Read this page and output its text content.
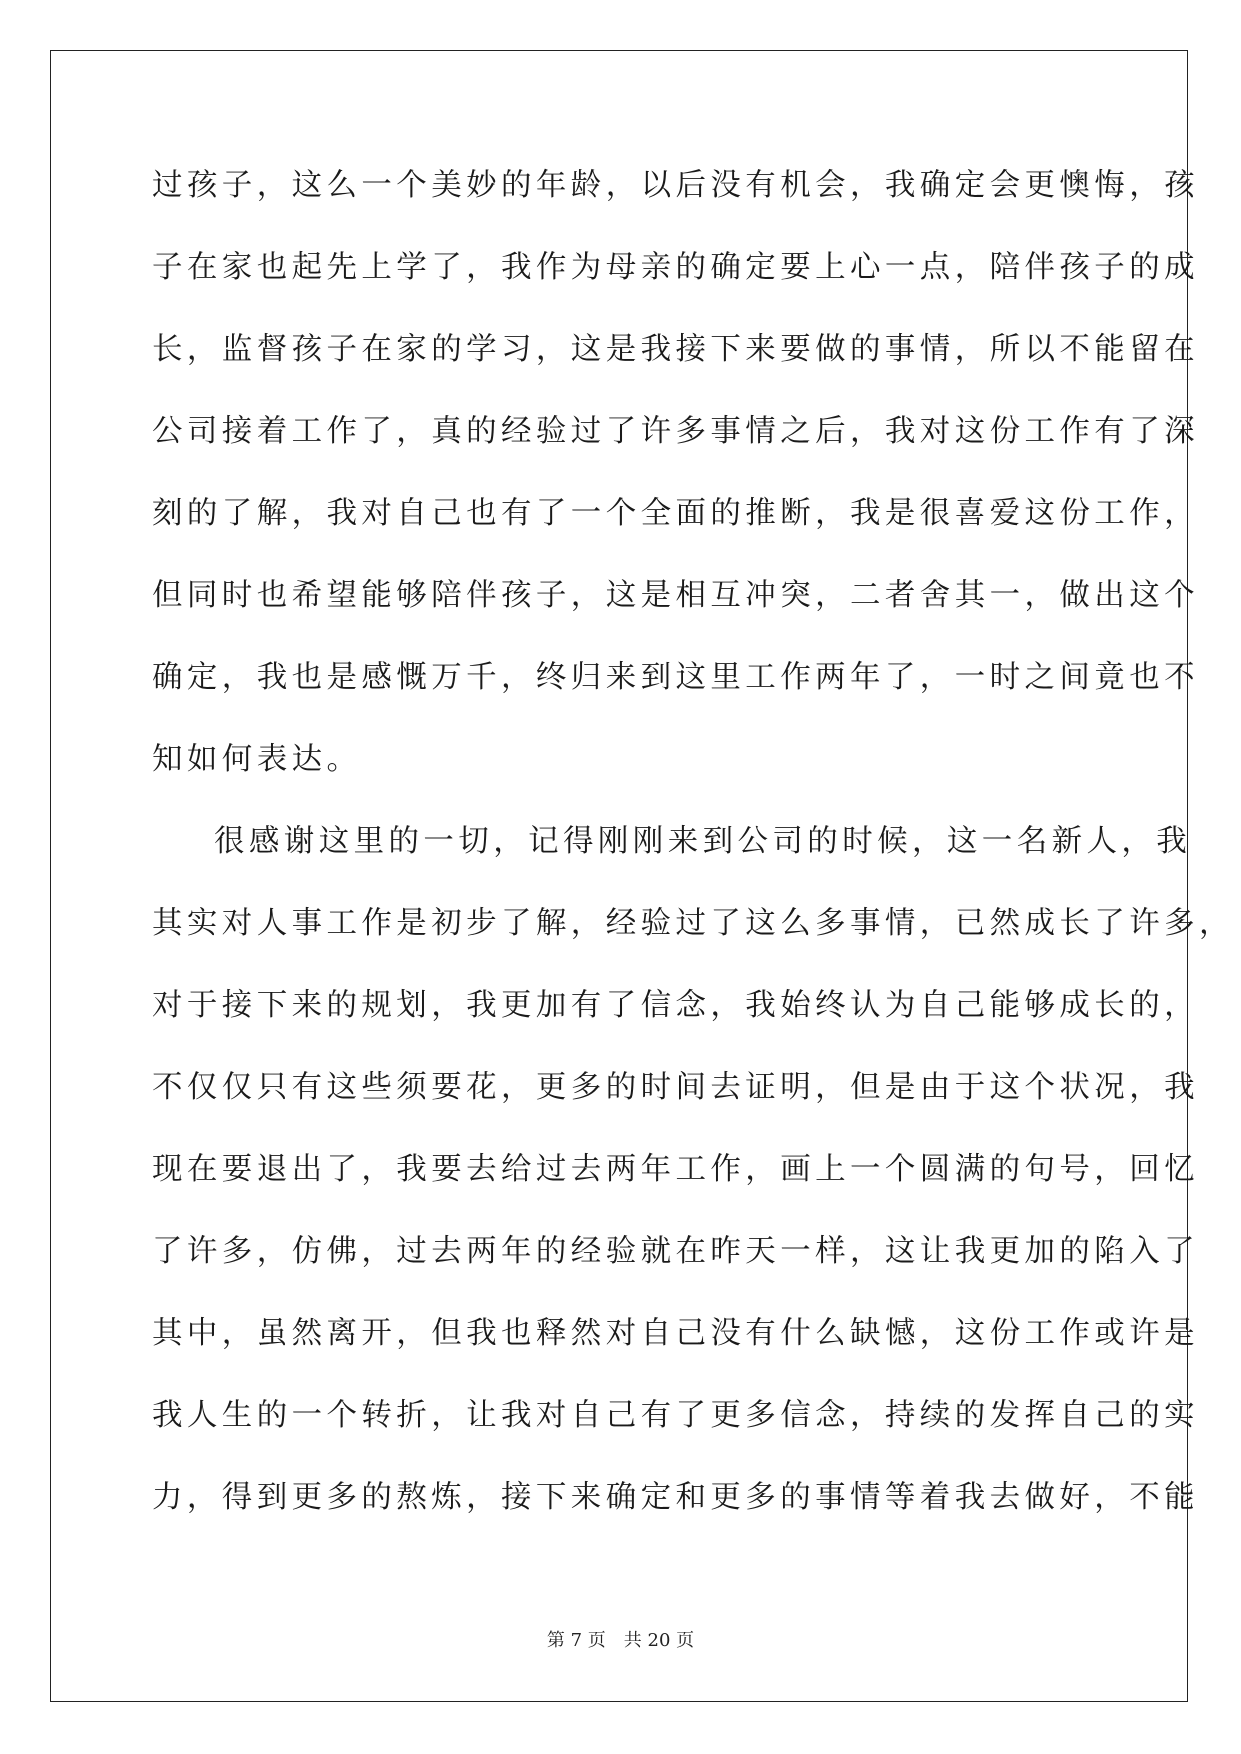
过孩子，这么一个美妙的年龄，以后没有机会，我确定会更懊悔，孩
子在家也起先上学了，我作为母亲的确定要上心一点，陪伴孩子的成
长，监督孩子在家的学习，这是我接下来要做的事情，所以不能留在
公司接着工作了，真的经验过了许多事情之后，我对这份工作有了深
刻的了解，我对自己也有了一个全面的推断，我是很喜爱这份工作，
但同时也希望能够陪伴孩子，这是相互冲突，二者舍其一，做出这个
确定，我也是感慨万千，终归来到这里工作两年了，一时之间竟也不
知如何表达。
很感谢这里的一切，记得刚刚来到公司的时候，这一名新人，我
其实对人事工作是初步了解，经验过了这么多事情，已然成长了许多，
对于接下来的规划，我更加有了信念，我始终认为自己能够成长的，
不仅仅只有这些须要花，更多的时间去证明，但是由于这个状况，我
现在要退出了，我要去给过去两年工作，画上一个圆满的句号，回忆
了许多，仿佛，过去两年的经验就在昨天一样，这让我更加的陷入了
其中，虽然离开，但我也释然对自己没有什么缺憾，这份工作或许是
我人生的一个转折，让我对自己有了更多信念，持续的发挥自己的实
力，得到更多的熬炼，接下来确定和更多的事情等着我去做好，不能
第 7 页 共 20 页
